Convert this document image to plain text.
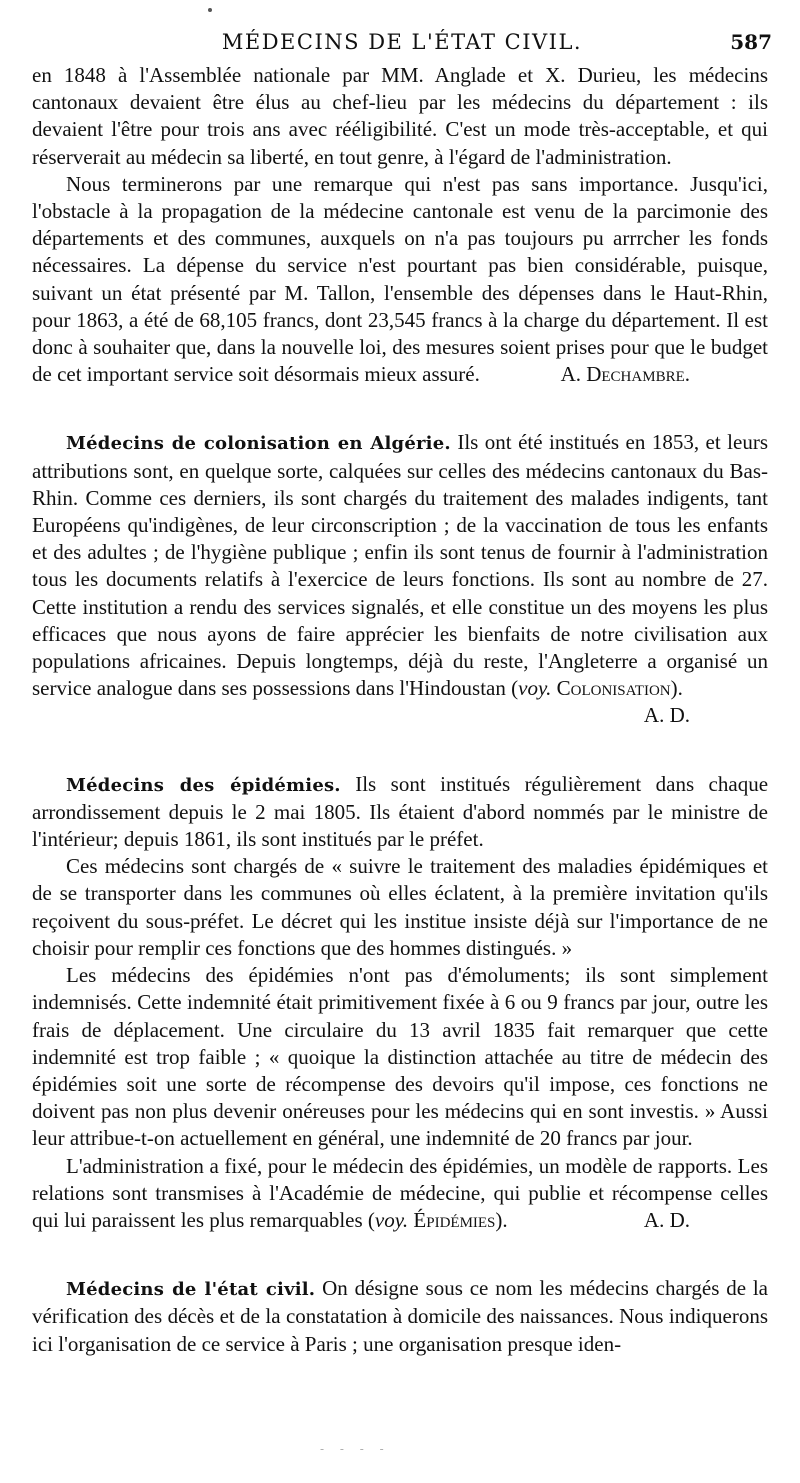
MÉDECINS DE L'ÉTAT CIVIL.	587

en 1848 à l'Assemblée nationale par MM. Anglade et X. Durieu, les médecins cantonaux devaient être élus au chef-lieu par les médecins du département : ils devaient l'être pour trois ans avec rééligibilité. C'est un mode très-acceptable, et qui réserverait au médecin sa liberté, en tout genre, à l'égard de l'administration.

Nous terminerons par une remarque qui n'est pas sans importance. Jusqu'ici, l'obstacle à la propagation de la médecine cantonale est venu de la parcimonie des départements et des communes, auxquels on n'a pas toujours pu arrrcher les fonds nécessaires. La dépense du service n'est pourtant pas bien considérable, puisque, suivant un état présenté par M. Tallon, l'ensemble des dépenses dans le Haut-Rhin, pour 1863, a été de 68,105 francs, dont 23,545 francs à la charge du département. Il est donc à souhaiter que, dans la nouvelle loi, des mesures soient prises pour que le budget de cet important service soit désormais mieux assuré.	A. Dechambre.

Médecins de colonisation en Algérie. Ils ont été institués en 1853, et leurs attributions sont, en quelque sorte, calquées sur celles des médecins cantonaux du Bas-Rhin. Comme ces derniers, ils sont chargés du traitement des malades indigents, tant Européens qu'indigènes, de leur circonscription ; de la vaccination de tous les enfants et des adultes ; de l'hygiène publique ; enfin ils sont tenus de fournir à l'administration tous les documents relatifs à l'exercice de leurs fonctions. Ils sont au nombre de 27. Cette institution a rendu des services signalés, et elle constitue un des moyens les plus efficaces que nous ayons de faire apprécier les bienfaits de notre civilisation aux populations africaines. Depuis longtemps, déjà du reste, l'Angleterre a organisé un service analogue dans ses possessions dans l'Hindoustan (voy. Colonisation).
A. D.

Médecins des épidémies. Ils sont institués régulièrement dans chaque arrondissement depuis le 2 mai 1805. Ils étaient d'abord nommés par le ministre de l'intérieur; depuis 1861, ils sont institués par le préfet.

Ces médecins sont chargés de « suivre le traitement des maladies épidémiques et de se transporter dans les communes où elles éclatent, à la première invitation qu'ils reçoivent du sous-préfet. Le décret qui les institue insiste déjà sur l'importance de ne choisir pour remplir ces fonctions que des hommes distingués. »

Les médecins des épidémies n'ont pas d'émoluments; ils sont simplement indemnisés. Cette indemnité était primitivement fixée à 6 ou 9 francs par jour, outre les frais de déplacement. Une circulaire du 13 avril 1835 fait remarquer que cette indemnité est trop faible ; « quoique la distinction attachée au titre de médecin des épidémies soit une sorte de récompense des devoirs qu'il impose, ces fonctions ne doivent pas non plus devenir onéreuses pour les médecins qui en sont investis. » Aussi leur attribue-t-on actuellement en général, une indemnité de 20 francs par jour.

L'administration a fixé, pour le médecin des épidémies, un modèle de rapports. Les relations sont transmises à l'Académie de médecine, qui publie et récompense celles qui lui paraissent les plus remarquables (voy. Épidémies).	A. D.

Médecins de l'état civil. On désigne sous ce nom les médecins chargés de la vérification des décès et de la constatation à domicile des naissances. Nous indiquerons ici l'organisation de ce service à Paris ; une organisation presque iden-

- - - -
